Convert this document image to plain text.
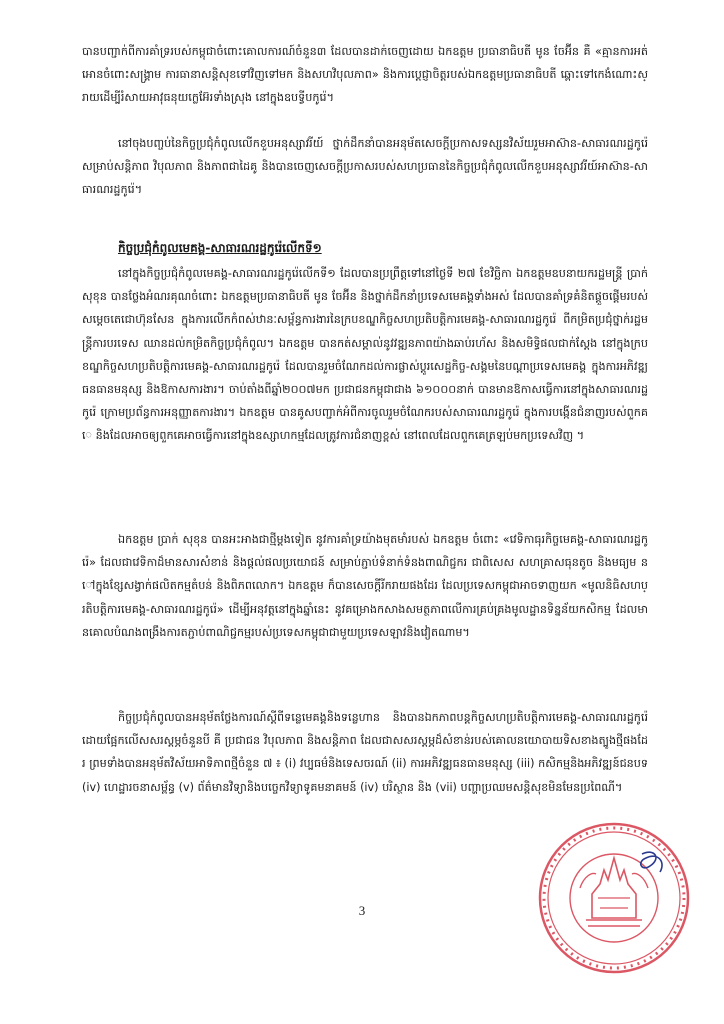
បានបញ្ជាក់ពីការគាំទ្ររបស់កម្ពុជាចំពោះគោលការណ៍ចំនួន៣ ដែលបានដាក់ចេញដោយ ឯកឧត្តម ប្រធានាធិបតី មូន ចែអ៊ីន គឺ «គ្មានការអត់អោនចំពោះសង្គ្រាម ការធានាសន្តិសុខទៅវិញទៅមក និងសហវិបុលភាព» និងការប្តេជ្ញាចិត្តរបស់ឯកឧត្តមប្រធានាធិបតី ឆ្ពោះទៅកេងំណោះស្រាយដើម្បីរំសាយអាវុធនុយក្លេអ៊ែរទាំងស្រុង នៅក្នុងឧបទ្វីបកូរ៉េ។

នៅចុងបញ្ចប់នៃកិច្ចប្រជុំកំពូលលើកខួបអនុស្សាវរីយ៍ ថ្នាក់ដឹកនាំបានអនុម័តសេចក្តីប្រកាសទស្សនវិស័យរួមអាស៊ាន-សាធារណរដ្ឋកូរ៉េ សម្រាប់សន្តិភាព វិបុលភាព និងភាពជាដៃគូ និងបានចេញសេចក្តីប្រកាសរបស់សហប្រធាននៃកិច្ចប្រជុំកំពូលលើកខួបអនុស្សាវរីយ៍អាស៊ាន-សាធារណរដ្ឋកូរ៉េ។

កិច្ចប្រជុំកំពូលមេគង្គ-សាធារណរដ្ឋកូរ៉េលើកទី១

នៅក្នុងកិច្ចប្រជុំកំពូលមេគង្គ-សាធារណរដ្ឋកូរ៉េលើកទី១ ដែលបានប្រព្រឹត្តទៅនៅថ្ងៃទី ២៧ ខែវិច្ឆិកា ឯកឧត្តមឧបនាយករដ្ឋមន្ត្រី ប្រាក់សុខុន បានថ្លែងអំណរគុណចំពោះ ឯកឧត្តមប្រធានាធិបតី មូន ចែអ៊ីន និងថ្នាក់ដឹកនាំប្រទេសមេគង្គទាំងអស់ ដែលបានគាំទ្រគំនិតផ្តួចផ្តើមរបស់សម្តេចតេជោហ៊ុនសែន ក្នុងការលើកកំពស់ឋានៈសម្ព័ន្ធការងារនៃក្របខណ្ឌកិច្ចសហប្រតិបត្តិការមេគង្គ-សាធារណរដ្ឋកូរ៉េ ពីកម្រិតប្រជុំថ្នាក់រដ្ឋមន្ត្រីការបរទេស ឈានដល់កម្រិតកិច្ចប្រជុំកំពូល។ ឯកឧត្តម បានកត់សម្គាល់នូវវឌ្ឍនភាពយ៉ាងឆាប់រហ័ស និងសមិទ្ធិផលជាក់ស្តែង នៅក្នុងក្របខណ្ឌកិច្ចសហប្រតិបត្តិការមេគង្គ-សាធារណរដ្ឋកូរ៉េ ដែលបានរួមចំណែកដល់ការផ្លាស់ប្តូរសេដ្ឋកិច្ច-សង្គមនៃបណ្តាប្រទេសមេគង្គ ក្នុងការអភិវឌ្ឍធនធានមនុស្ស និងឱកាសការងារ។ ចាប់តាំងពីឆ្នាំ២០០៧មក ប្រជាជនកម្ពុជាជាង ៦១០០០នាក់ បានមានឱកាសធ្វើការនៅក្នុងសាធារណរដ្ឋកូរ៉េ ក្រោមប្រព័ន្ធការអនុញ្ញាតការងារ។ ឯកឧត្តម បានគូសបញ្ជាក់អំពីការចូលរួមចំណែករបស់សាធារណរដ្ឋកូរ៉េ ក្នុងការបង្កើនជំនាញរបស់ពួកគេ និងដែលអាចឲ្យពួកគេអាចធ្វើការនៅក្នុងឧស្សាហកម្មដែលត្រូវការជំនាញខ្ពស់ នៅពេលដែលពួកគេត្រឡប់មកប្រទេសវិញ ។

ឯកឧត្តម ប្រាក់ សុខុន បានអះអាងជាថ្មីម្តងទៀត នូវការគាំទ្រយ៉ាងមុតមាំរបស់ ឯកឧត្តម ចំពោះ «វេទិកាធុរកិច្ចមេគង្គ-សាធារណរដ្ឋកូរ៉េ» ដែលជាវេទិកាដ៏មានសារសំខាន់ និងផ្តល់ផលប្រយោជន៍ សម្រាប់ភ្ជាប់ទំនាក់ទំនងពាណិជ្ជករ ជាពិសេស សហគ្រាសធុនតូច និងមធ្យម នៅក្នុងខ្សែសង្វាក់ផលិតកម្មតំបន់ និងពិភពលោក។ ឯកឧត្តម ក៏បានសេចក្តីរីករាយផងដែរ ដែលប្រទេសកម្ពុជាអាចទាញយក «មូលនិធិសហប្រតិបត្តិការមេគង្គ-សាធារណរដ្ឋកូរ៉េ» ដើម្បីអនុវត្តនៅក្នុងឆ្នាំនេះ នូវគម្រោងកសាងសមត្ថភាពលើការគ្រប់គ្រងមូលដ្ឋានទិន្នន័យកសិកម្ម ដែលមានគោលបំណងពង្រឹងការតភ្ជាប់ពាណិជ្ជកម្មរបស់ប្រទេសកម្ពុជាជាមួយប្រទេសឡាវនិងវៀតណាម។

កិច្ចប្រជុំកំពូលបានអនុម័តថ្លែងការណ៍ស្តីពីទន្លេមេគង្គនិងទន្លេហាន និងបានឯកភាពបន្តកិច្ចសហប្រតិបត្តិការមេគង្គ-សាធារណរដ្ឋកូរ៉េ ដោយផ្អែកលើសសរស្តម្ភចំនួនបី គឺ ប្រជាជន វិបុលភាព និងសន្តិភាព ដែលជាសសរស្តម្ភដ៏សំខាន់របស់គោលនយោបាយទិសខាងត្បូងថ្មីផងដែរ ព្រមទាំងបានអនុម័តវិស័យអាទិភាពថ្មីចំនួន ៧ ៖ (i) វប្បធម៌និងទេសចរណ៍ (ii) ការអភិវឌ្ឍធនធានមនុស្ស (iii) កសិកម្មនិងអភិវឌ្ឍន៍ជនបទ (iv) ហេដ្ឋារចនាសម្ព័ន្ធ (v) ព័ត៌មានវិទ្យានិងបច្ចេកវិទ្យាទូគមនាគមន៍ (iv) បរិស្ថាន និង (vii) បញ្ហាប្រឈមសន្តិសុខមិនមែនប្រពៃណី។

3
